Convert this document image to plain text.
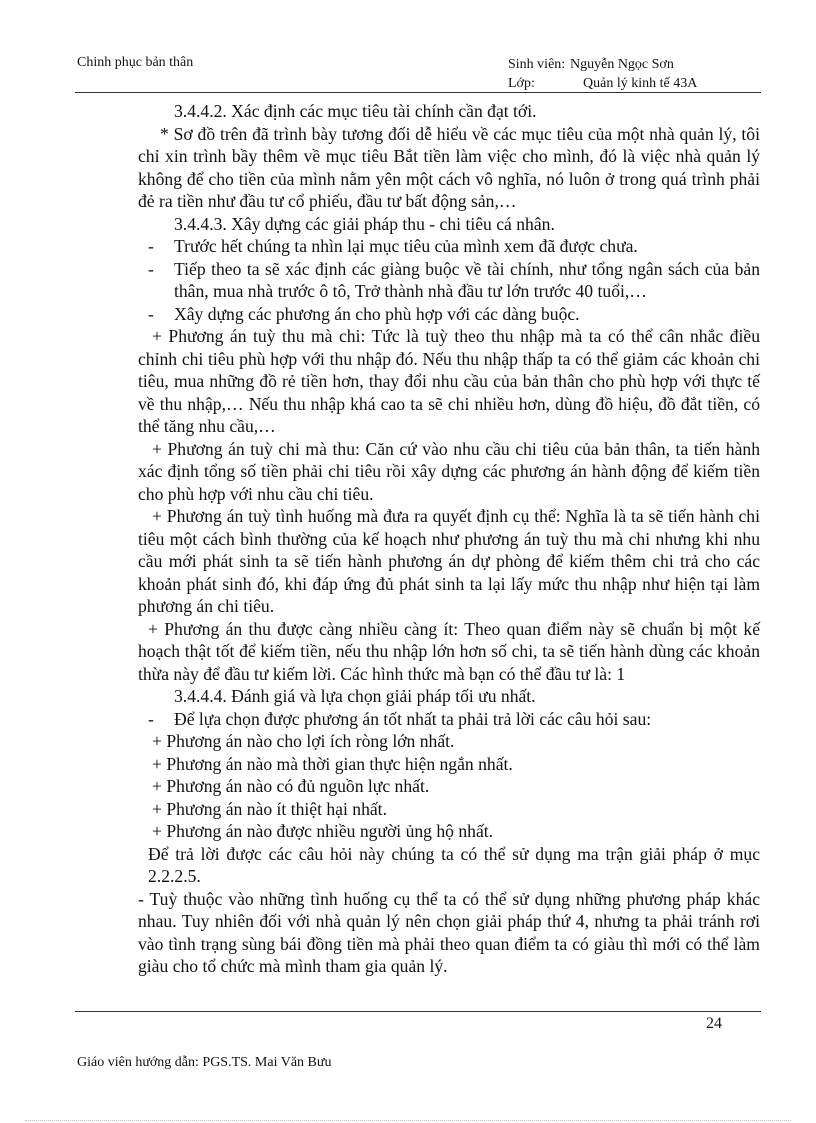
Chinh phục bản thân	Sinh viên: Nguyễn Ngọc Sơn
Lớp:	Quản lý kinh tế 43A

3.4.4.2. Xác định các mục tiêu tài chính cần đạt tới.

* Sơ đồ trên đã trình bày tương đối dễ hiểu về các mục tiêu của một nhà quản lý, tôi chỉ xin trình bầy thêm về mục tiêu Bắt tiền làm việc cho mình, đó là việc nhà quản lý không để cho tiền của mình nằm yên một cách vô nghĩa, nó luôn ở trong quá trình phải đẻ ra tiền như đầu tư cổ phiếu, đầu tư bất động sản,…

3.4.4.3. Xây dựng các giải pháp thu - chi tiêu cá nhân.

-	Trước hết chúng ta nhìn lại mục tiêu của mình xem đã được chưa.
-	Tiếp theo ta sẽ xác định các giàng buộc về tài chính, như tổng ngân sách của bản thân, mua nhà trước ô tô, Trở thành nhà đầu tư lớn trước 40 tuổi,…
-	Xây dựng các phương án cho phù hợp với các dàng buộc.

+ Phương án tuỳ thu mà chi: Tức là tuỳ theo thu nhập mà ta có thể cân nhắc điều chỉnh chi tiêu phù hợp với thu nhập đó. Nếu thu nhập thấp ta có thể giảm các khoản chi tiêu, mua những đồ rẻ tiền hơn, thay đổi nhu cầu của bản thân cho phù hợp với thực tế về thu nhập,… Nếu thu nhập khá cao ta sẽ chi nhiều hơn, dùng đồ hiệu, đồ đắt tiền, có thể tăng nhu cầu,…

+ Phương án tuỳ chi mà thu: Căn cứ vào nhu cầu chi tiêu của bản thân, ta tiến hành xác định tổng số tiền phải chi tiêu rồi xây dựng các phương án hành động để kiếm tiền cho phù hợp với nhu cầu chi tiêu.

+ Phương án tuỳ tình huống mà đưa ra quyết định cụ thể: Nghĩa là ta sẽ tiến hành chi tiêu một cách bình thường của kế hoạch như phương án tuỳ thu mà chi nhưng khi nhu cầu mới phát sinh ta sẽ tiến hành phương án dự phòng để kiếm thêm chi trả cho các khoản phát sinh đó, khi đáp ứng đủ phát sinh ta lại lấy mức thu nhập như hiện tại làm phương án chi tiêu.

+ Phương án thu được càng nhiều càng ít: Theo quan điểm này sẽ chuẩn bị một kế hoạch thật tốt để kiếm tiền, nếu thu nhập lớn hơn số chi, ta sẽ tiến hành dùng các khoản thừa này để đầu tư kiếm lời. Các hình thức mà bạn có thể đầu tư là: 1

3.4.4.4. Đánh giá và lựa chọn giải pháp tối ưu nhất.

-	Để lựa chọn được phương án tốt nhất ta phải trả lời các câu hỏi sau:

+ Phương án nào cho lợi ích ròng lớn nhất.

+ Phương án nào mà thời gian thực hiện ngắn nhất.

+ Phương án nào có đủ nguồn lực nhất.

+ Phương án nào ít thiệt hại nhất.

+ Phương án nào được nhiều người ủng hộ nhất.

Để trả lời được các câu hỏi này chúng ta có thể sử dụng ma trận giải pháp ở mục 2.2.2.5.

- Tuỳ thuộc vào những tình huống cụ thể ta có thể sử dụng những phương pháp khác nhau. Tuy nhiên đối với nhà quản lý nên chọn giải pháp thứ 4, nhưng ta phải tránh rơi vào tình trạng sùng bái đồng tiền mà phải theo quan điểm ta có giàu thì mới có thể làm giàu cho tổ chức mà mình tham gia quản lý.

24
Giáo viên hướng dẫn: PGS.TS. Mai Văn Bưu
